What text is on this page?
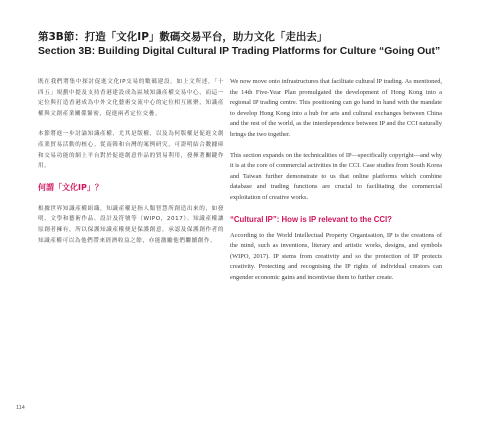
第3B節：打造「文化IP」數碼交易平台，助力文化「走出去」
Section 3B: Building Digital Cultural IP Trading Platforms for Culture “Going Out”

既在我們將集中探討促進文化IP交易的數碼建設。如上文所述，「十四五」規劃中提及支持香港建設成為區域知識產權交易中心，而這一定位與打造香港成為中外文化藝術交流中心的定位相互匯聚，知識產權與文創產業關係緊密，促進兩者定位交疊。

本節將進一步討論知識產權，尤其是版權，以及為何版權是促進文創產業貿易活動的核心。從南韓和台灣的案例研究，可證明結合數據庫和交易功能的網上平台對於促進創意作品的貿易利用，發揮著關鍵作用。

何謂「文化IP」？

根據世界知識產權組織，知識產權是指人類智慧所創造出來的，如發明、文學和藝術作品、設計及符號等（WIPO，2017）。知識產權讓原創者擁有，所以保護知識產權便是保護創意，承認及保護創作者的知識產權可以為他們帶來經濟收益之餘，亦能激勵他們繼續創作。

We now move onto infrastructures that facilitate cultural IP trading. As mentioned, the 14th Five-Year Plan promulgated the development of Hong Kong into a regional IP trading centre. This positioning can go hand in hand with the mandate to develop Hong Kong into a hub for arts and cultural exchanges between China and the rest of the world, as the interdependence between IP and the CCI naturally brings the two together.

This section expands on the technicalities of IP—specifically copyright—and why it is at the core of commercial activities in the CCI. Case studies from South Korea and Taiwan further demonstrate to us that online platforms which combine database and trading functions are crucial to facilitating the commercial exploitation of creative works.

“Cultural IP”: How is IP relevant to the CCI?

According to the World Intellectual Property Organisation, IP is the creations of the mind, such as inventions, literary and artistic works, designs, and symbols (WIPO, 2017). IP stems from creativity and so the protection of IP protects creativity. Protecting and recognising the IP rights of individual creators can engender economic gains and incentivise them to further create.

114
